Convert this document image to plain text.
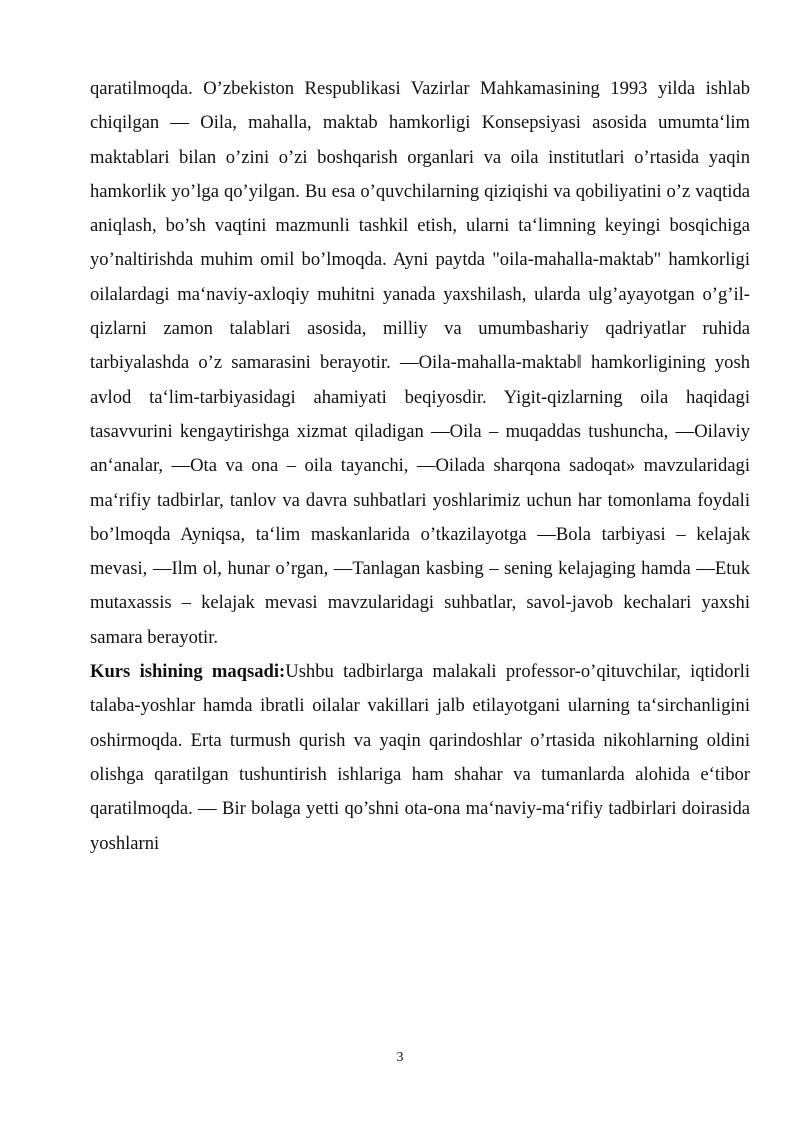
qaratilmoqda. O’zbekiston Respublikasi Vazirlar Mahkamasining 1993 yilda ishlab chiqilgan — Oila, mahalla, maktab hamkorligi Konsepsiyasi asosida umumta‘lim maktablari bilan o’zini o’zi boshqarish organlari va oila institutlari o’rtasida yaqin hamkorlik yo’lga qo’yilgan. Bu esa o’quvchilarning qiziqishi va qobiliyatini o’z vaqtida aniqlash, bo’sh vaqtini mazmunli tashkil etish, ularni ta‘limning keyingi bosqichiga yo’naltirishda muhim omil bo’lmoqda. Ayni paytda "oila-mahalla-maktab" hamkorligi oilalardagi ma‘naviy-axloqiy muhitni yanada yaxshilash, ularda ulg’ayayotgan o’g’il-qizlarni zamon talablari asosida, milliy va umumbashariy qadriyatlar ruhida tarbiyalashda o’z samarasini berayotir. —Oila-mahalla-maktab‖ hamkorligining yosh avlod ta‘lim-tarbiyasidagi ahamiyati beqiyosdir. Yigit-qizlarning oila haqidagi tasavvurini kengaytirishga xizmat qiladigan —Oila – muqaddas tushuncha, —Oilaviy an‘analar, —Ota va ona – oila tayanchi, —Oilada sharqona sadoqat» mavzularidagi ma‘rifiy tadbirlar, tanlov va davra suhbatlari yoshlarimiz uchun har tomonlama foydali bo’lmoqda Ayniqsa, ta‘lim maskanlarida o’tkazilayotga —Bola tarbiyasi – kelajak mevasi, —Ilm ol, hunar o’rgan, —Tanlagan kasbing – sening kelajaging hamda —Etuk mutaxassis – kelajak mevasi mavzularidagi suhbatlar, savol-javob kechalari yaxshi samara berayotir.

Kurs ishining maqsadi:Ushbu tadbirlarga malakali professor-o’qituvchilar, iqtidorli talaba-yoshlar hamda ibratli oilalar vakillari jalb etilayotgani ularning ta‘sirchanligini oshirmoqda. Erta turmush qurish va yaqin qarindoshlar o’rtasida nikohlarning oldini olishga qaratilgan tushuntirish ishlariga ham shahar va tumanlarda alohida e‘tibor qaratilmoqda. — Bir bolaga yetti qo’shni ota-ona ma‘naviy-ma‘rifiy tadbirlari doirasida yoshlarni

3
